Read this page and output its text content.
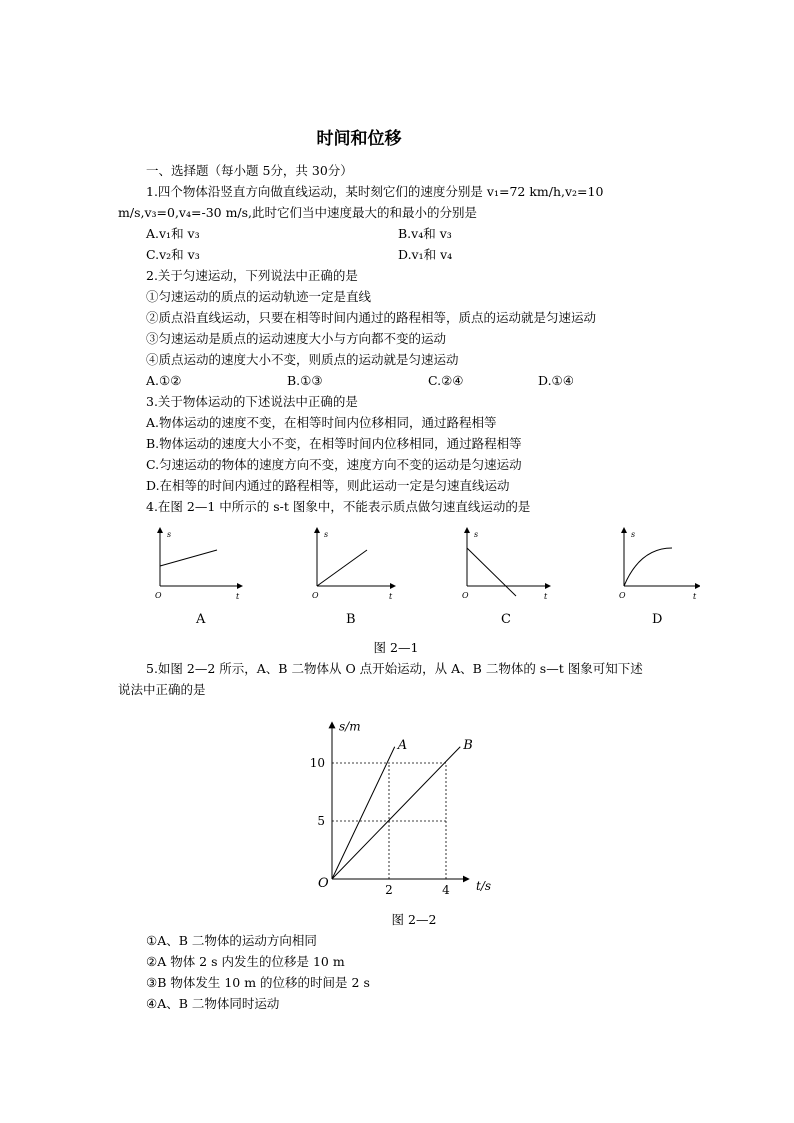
时间和位移
一、选择题（每小题 5分，共 30分）
1.四个物体沿竖直方向做直线运动，某时刻它们的速度分别是 v₁=72 km/h,v₂=10
m/s,v₃=0,v₄=-30 m/s,此时它们当中速度最大的和最小的分别是
A.v₁和 v₃	B.v₄和 v₃
C.v₂和 v₃	D.v₁和 v₄
2.关于匀速运动，下列说法中正确的是
①匀速运动的质点的运动轨迹一定是直线
②质点沿直线运动，只要在相等时间内通过的路程相等，质点的运动就是匀速运动
③匀速运动是质点的运动速度大小与方向都不变的运动
④质点运动的速度大小不变，则质点的运动就是匀速运动
A.①②	B.①③	C.②④	D.①④
3.关于物体运动的下述说法中正确的是
A.物体运动的速度不变，在相等时间内位移相同，通过路程相等
B.物体运动的速度大小不变，在相等时间内位移相同，通过路程相等
C.匀速运动的物体的速度方向不变，速度方向不变的运动是匀速运动
D.在相等的时间内通过的路程相等，则此运动一定是匀速直线运动
4.在图 2—1 中所示的 s-t 图象中，不能表示质点做匀速直线运动的是
s
t
O
s
t
O
s
t
O
s
t
O
A	B	C	D
图 2—1
5.如图 2—2 所示，A、B 二物体从 O 点开始运动，从 A、B 二物体的 s—t 图象可知下述
说法中正确的是
A	B
5
10
2	4
O
s/m
t/s
图 2—2
①A、B 二物体的运动方向相同
②A 物体 2 s 内发生的位移是 10 m
③B 物体发生 10 m 的位移的时间是 2 s
④A、B 二物体同时运动
